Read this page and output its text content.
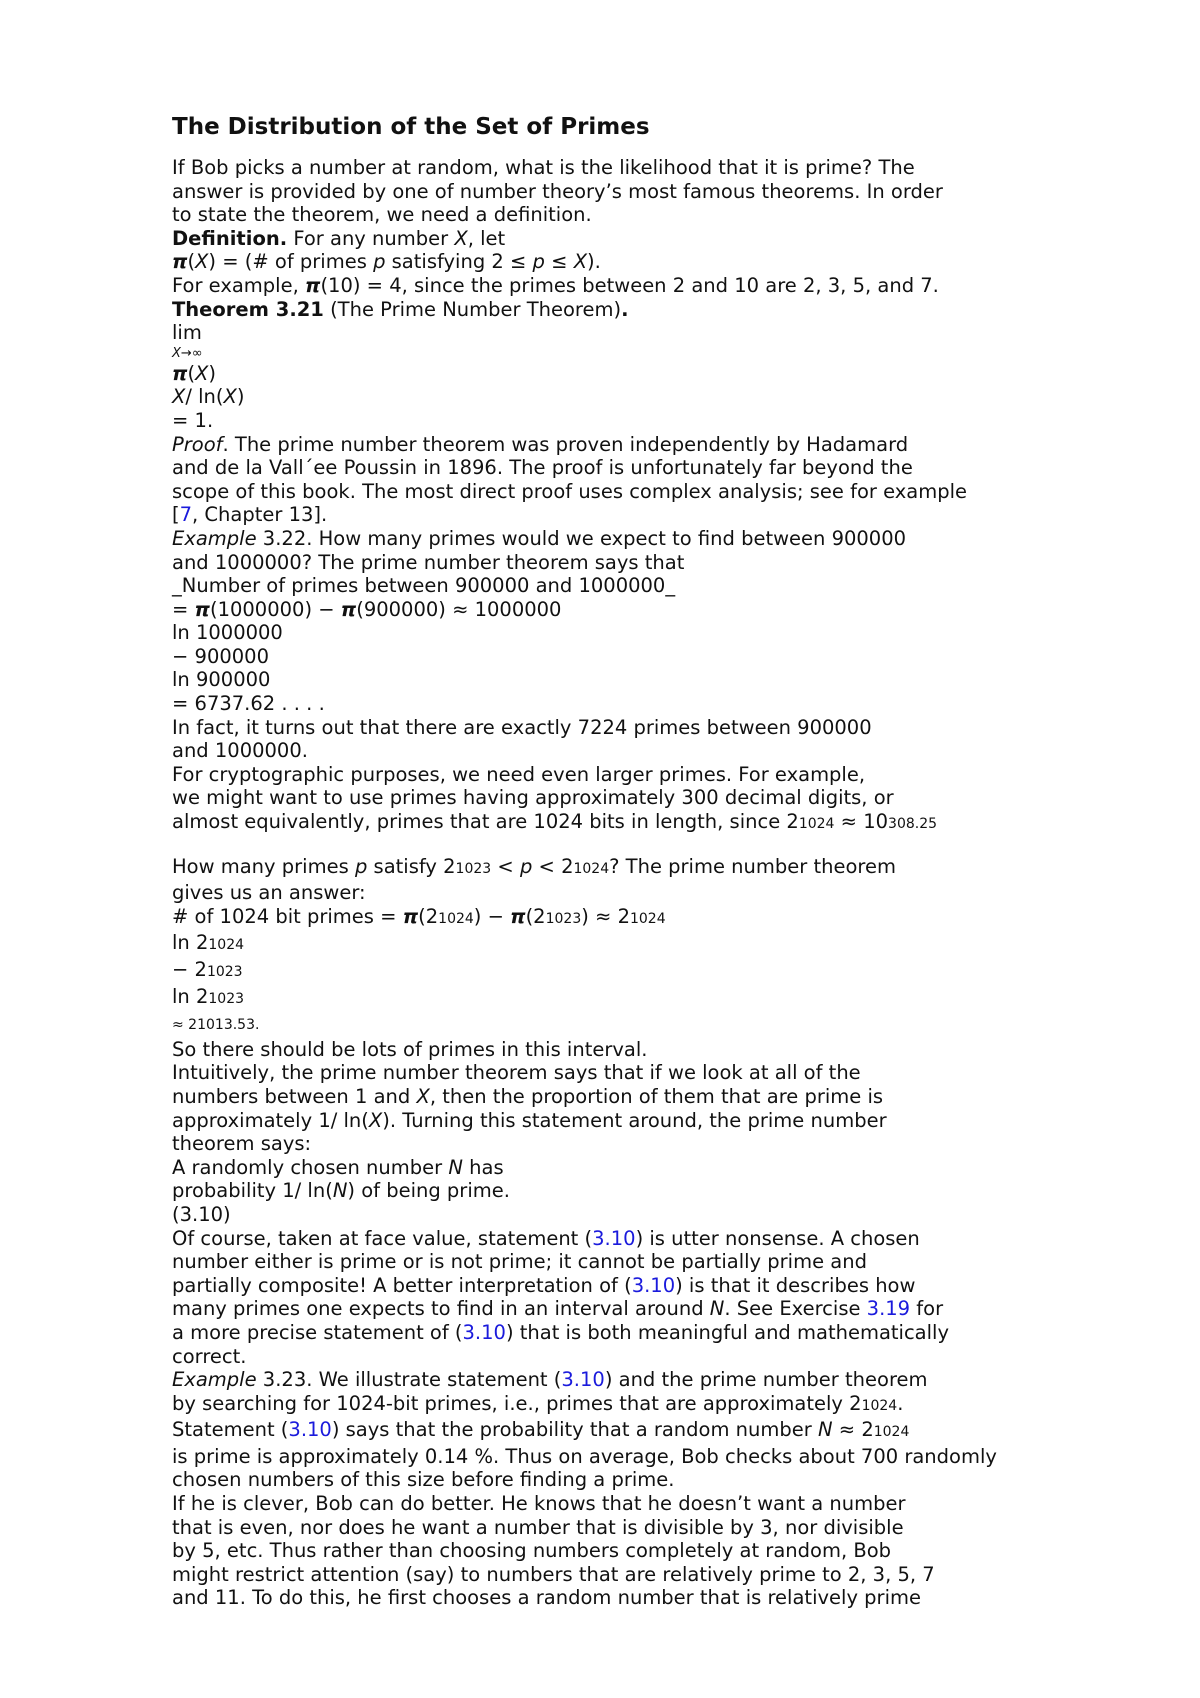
The Distribution of the Set of Primes
If Bob picks a number at random, what is the likelihood that it is prime? The
answer is provided by one of number theory’s most famous theorems. In order
to state the theorem, we need a definition.
Definition. For any number X, let
π(X) = (# of primes p satisfying 2 ≤ p ≤ X).
For example, π(10) = 4, since the primes between 2 and 10 are 2, 3, 5, and 7.
Theorem 3.21 (The Prime Number Theorem).
lim
X→∞
π(X)
X/ ln(X)
= 1.
Proof. The prime number theorem was proven independently by Hadamard
and de la Vall´ee Poussin in 1896. The proof is unfortunately far beyond the
scope of this book. The most direct proof uses complex analysis; see for example
[7, Chapter 13].
Example 3.22. How many primes would we expect to find between 900000
and 1000000? The prime number theorem says that
_Number of primes between 900000 and 1000000_
= π(1000000) − π(900000) ≈ 1000000
ln 1000000
− 900000
ln 900000
= 6737.62 . . . .
In fact, it turns out that there are exactly 7224 primes between 900000
and 1000000.
For cryptographic purposes, we need even larger primes. For example,
we might want to use primes having approximately 300 decimal digits, or
almost equivalently, primes that are 1024 bits in length, since 21024 ≈ 10308.25
How many primes p satisfy 21023 < p < 21024? The prime number theorem
gives us an answer:
# of 1024 bit primes = π(21024) − π(21023) ≈ 21024
ln 21024
− 21023
ln 21023
≈ 21013.53.
So there should be lots of primes in this interval.
Intuitively, the prime number theorem says that if we look at all of the
numbers between 1 and X, then the proportion of them that are prime is
approximately 1/ ln(X). Turning this statement around, the prime number
theorem says:
A randomly chosen number N has
probability 1/ ln(N) of being prime.
(3.10)
Of course, taken at face value, statement (3.10) is utter nonsense. A chosen
number either is prime or is not prime; it cannot be partially prime and
partially composite! A better interpretation of (3.10) is that it describes how
many primes one expects to find in an interval around N. See Exercise 3.19 for
a more precise statement of (3.10) that is both meaningful and mathematically
correct.
Example 3.23. We illustrate statement (3.10) and the prime number theorem
by searching for 1024-bit primes, i.e., primes that are approximately 21024.
Statement (3.10) says that the probability that a random number N ≈ 21024
is prime is approximately 0.14 %. Thus on average, Bob checks about 700 randomly
chosen numbers of this size before finding a prime.
If he is clever, Bob can do better. He knows that he doesn’t want a number
that is even, nor does he want a number that is divisible by 3, nor divisible
by 5, etc. Thus rather than choosing numbers completely at random, Bob
might restrict attention (say) to numbers that are relatively prime to 2, 3, 5, 7
and 11. To do this, he first chooses a random number that is relatively prime
